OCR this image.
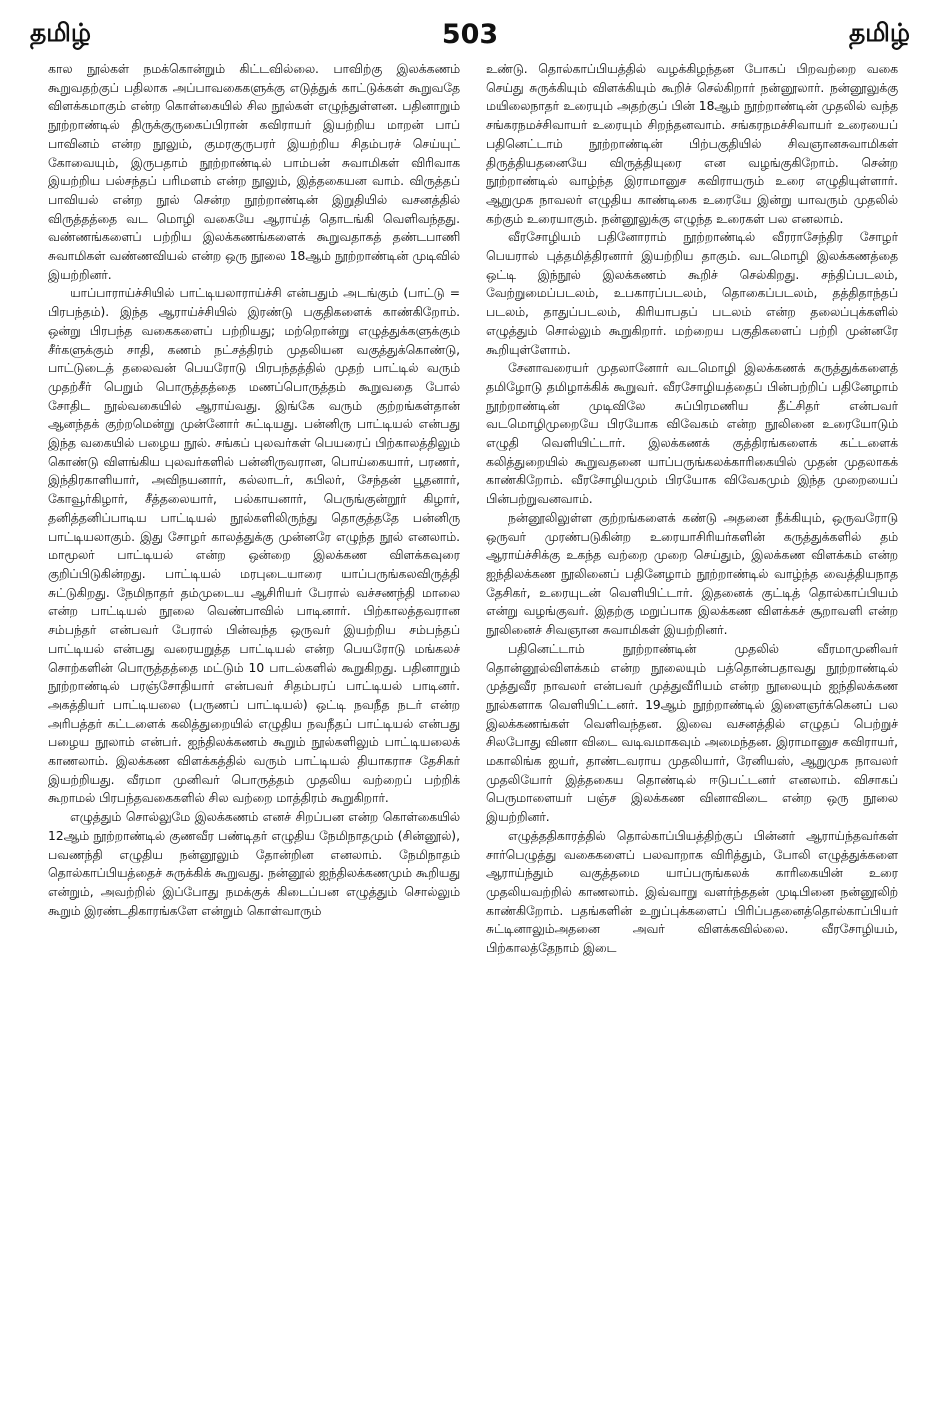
தமிழ்	503	தமிழ்

கால நூல்கள் நமக்கொன்றும் கிட்டவில்லை. பாவிற்கு இலக்கணம் கூறுவதற்குப் பதிலாக அப்பாவகைகளுக்கு எடுத்துக் காட்டுக்கள் கூறுவதே விளக்கமாகும் என்ற கொள்கையில் சில நூல்கள் எழுந்துள்ளன. பதினாறும் நூற்றாண்டில் திருக்குருகைப்பிரான் கவிராயர் இயற்றிய மாறன் பாப் பாவினம் என்ற நூலும், குமரகுருபரர் இயற்றிய சிதம்பரச் செய்யுட் கோவையும், இருபதாம் நூற்றாண்டில் பாம்பன் சுவாமிகள் விரிவாக இயற்றிய பல்சந்தப் பரிமளம் என்ற நூலும், இத்தகையன வாம். விருத்தப் பாவியல் என்ற நூல் சென்ற நூற்றாண்டின் இறுதியில் வசனத்தில் விருத்தத்தை வட மொழி வகையே ஆராய்த் தொடங்கி வெளிவந்தது. வண்ணங்களைப் பற்றிய இலக்கணங்களைக் கூறுவதாகத் தண்டபாணி சுவாமிகள் வண்ணவியல் என்ற ஒரு நூலை 18ஆம் நூற்றாண்டின் முடிவில் இயற்றினர்.

யாப்பாராய்ச்சியில் பாட்டியலாராய்ச்சி என்பதும் அடங்கும் (பாட்டு = பிரபந்தம்). இந்த ஆராய்ச்சியில் இரண்டு பகுதிகளைக் காண்கிறோம். ஒன்று பிரபந்த வகைகளைப் பற்றியது; மற்றொன்று எழுத்துக்களுக்கும் சீர்களுக்கும் சாதி, கணம் நட்சத்திரம் முதலியன வகுத்துக்கொண்டு, பாட்டுடைத் தலைவன் பெயரோடு பிரபந்தத்தில் முதற் பாட்டில் வரும் முதற்சீர் பெறும் பொருத்தத்தை மணப்பொருத்தம் கூறுவதை போல் சோதிட நூல்வகையில் ஆராய்வது. இங்கே வரும் குற்றங்கள்தான் ஆனந்தக் குற்றமென்று முன்னோர் சுட்டியது. பன்னிரு பாட்டியல் என்பது இந்த வகையில் பழைய நூல். சங்கப் புலவர்கள் பெயரைப் பிற்காலத்திலும் கொண்டு விளங்கிய புலவர்களில் பன்னிருவரான, பொய்கையார், பரணர், இந்திரகாளியார், அவிநயனார், கல்லாடர், கபிலர், சேந்தன் பூதனார், கோவூர்கிழார், சீத்தலையார், பல்காயனார், பெருங்குன்றூர் கிழார், தனித்தனிப்பாடிய பாட்டியல் நூல்களிலிருந்து தொகுத்ததே பன்னிரு பாட்டியலாகும். இது சோழர் காலத்துக்கு முன்னரே எழுந்த நூல் எனலாம். மாமூலர் பாட்டியல் என்ற ஒன்றை இலக்கண விளக்கவுரை குறிப்பிடுகின்றது. பாட்டியல் மரபுடையாரை யாப்பருங்கலவிருத்தி சுட்டுகிறது. நேமிநாதர் தம்முடைய ஆசிரியர் பேரால் வச்சணந்தி மாலை என்ற பாட்டியல் நூலை வெண்பாவில் பாடினார். பிற்காலத்தவரான சம்பந்தர் என்பவர் பேரால் பின்வந்த ஒருவர் இயற்றிய சம்பந்தப் பாட்டியல் என்பது வரையறுத்த பாட்டியல் என்ற பெயரோடு மங்கலச் சொற்களின் பொருத்தத்தை மட்டும் 10 பாடல்களில் கூறுகிறது. பதினாறும் நூற்றாண்டில் பரஞ்சோதியார் என்பவர் சிதம்பரப் பாட்டியல் பாடினர். அகத்தியர் பாட்டியலை (பருணப் பாட்டியல்) ஒட்டி நவநீத நடர் என்ற அரிபத்தர் கட்டளைக் கலித்துறையில் எழுதிய நவநீதப் பாட்டியல் என்பது பழைய நூலாம் என்பர். ஐந்திலக்கணம் கூறும் நூல்களிலும் பாட்டியலைக் காணலாம். இலக்கண விளக்கத்தில் வரும் பாட்டியல் தியாகராச தேசிகர் இயற்றியது. வீரமா முனிவர் பொருத்தம் முதலிய வற்றைப் பற்றிக் கூறாமல் பிரபந்தவகைகளில் சில வற்றை மாத்திரம் கூறுகிறார்.

எழுத்தும் சொல்லுமே இலக்கணம் எனச் சிறப்பன என்ற கொள்கையில் 12ஆம் நூற்றாண்டில் குணவீர பண்டிதர் எழுதிய நேமிநாதமும் (சின்னூல்), பவணந்தி எழுதிய நன்னூலும் தோன்றின எனலாம். நேமிநாதம் தொல்காப்பியத்தைச் சுருக்கிக் கூறுவது. நன்னூல் ஐந்திலக்கணமும் கூறியது என்றும், அவற்றில் இப்போது நமக்குக் கிடைப்பன எழுத்தும் சொல்லும் கூறும் இரண்டதிகாரங்களே என்றும் கொள்வாரும்

உண்டு. தொல்காப்பியத்தில் வழக்கிழந்தன போகப் பிறவற்றை வகை செய்து சுருக்கியும் விளக்கியும் கூறிச் செல்கிறார் நன்னூலார். நன்னூலுக்கு மயிலைநாதர் உரையும் அதற்குப் பின் 18ஆம் நூற்றாண்டின் முதலில் வந்த சங்கரநமச்சிவாயர் உரையும் சிறந்தனவாம். சங்கரநமச்சிவாயர் உரையைப் பதினெட்டாம் நூற்றாண்டின் பிற்பகுதியில் சிவஞானசுவாமிகள் திருத்தியதனையே விருத்தியுரை என வழங்குகிறோம். சென்ற நூற்றாண்டில் வாழ்ந்த இராமானுச கவிராயரும் உரை எழுதியுள்ளார். ஆறுமுக நாவலர் எழுதிய காண்டிகை உரையே இன்று யாவரும் முதலில் கற்கும் உரையாகும். நன்னூலுக்கு எழுந்த உரைகள் பல எனலாம்.

வீரசோழியம் பதினோராம் நூற்றாண்டில் வீரராசேந்திர சோழர் பெயரால் புத்தமித்திரனார் இயற்றிய தாகும். வடமொழி இலக்கணத்தை ஒட்டி இந்நூல் இலக்கணம் கூறிச் செல்கிறது. சந்திப்படலம், வேற்றுமைப்படலம், உபகாரப்படலம், தொகைப்படலம், தத்திதாந்தப் படலம், தாதுப்படலம், கிரியாபதப் படலம் என்ற தலைப்புக்களில் எழுத்தும் சொல்லும் கூறுகிறார். மற்றைய பகுதிகளைப் பற்றி முன்னரே கூறியுள்ளோம்.

சேனாவரையர் முதலானோர் வடமொழி இலக்கணக் கருத்துக்களைத் தமிழோடு தமிழாக்கிக் கூறுவர். வீரசோழியத்தைப் பின்பற்றிப் பதினேழாம் நூற்றாண்டின் முடிவிலே சுப்பிரமணிய தீட்சிதர் என்பவர் வடமொழிமுறையே பிரயோக விவேகம் என்ற நூலினை உரையோடும் எழுதி வெளியிட்டார். இலக்கணக் குத்திரங்களைக் கட்டளைக் கலித்துறையில் கூறுவதனை யாப்பருங்கலக்காரிகையில் முதன் முதலாகக் காண்கிறோம். வீரசோழியமும் பிரயோக விவேகமும் இந்த முறையைப் பின்பற்றுவனவாம்.

நன்னூலிலுள்ள குற்றங்களைக் கண்டு அதனை நீக்கியும், ஒருவரோடு ஒருவர் முரண்படுகின்ற உரையாசிரியர்களின் கருத்துக்களில் தம் ஆராய்ச்சிக்கு உகந்த வற்றை முறை செய்தும், இலக்கண விளக்கம் என்ற ஐந்திலக்கண நூலினைப் பதினேழாம் நூற்றாண்டில் வாழ்ந்த வைத்தியநாத தேசிகர், உரையுடன் வெளியிட்டார். இதனைக் குட்டித் தொல்காப்பியம் என்று வழங்குவர். இதற்கு மறுப்பாக இலக்கண விளக்கச் சூறாவளி என்ற நூலினைச் சிவஞான சுவாமிகள் இயற்றினர்.

பதினெட்டாம் நூற்றாண்டின் முதலில் வீரமாமுனிவர் தொன்னூல்விளக்கம் என்ற நூலையும் பத்தொன்பதாவது நூற்றாண்டில் முத்துவீர நாவலர் என்பவர் முத்துவீரியம் என்ற நூலையும் ஐந்திலக்கண நூல்களாக வெளியிட்டனர். 19ஆம் நூற்றாண்டில் இளைஞர்க்கெனப் பல இலக்கணங்கள் வெளிவந்தன. இவை வசனத்தில் எழுதப் பெற்றுச் சிலபோது வினா விடை வடிவமாகவும் அமைந்தன. இராமானுச கவிராயர், மகாலிங்க ஐயர், தாண்டவராய முதலியார், ரேனியஸ், ஆறுமுக நாவலர் முதலியோர் இத்தகைய தொண்டில் ஈடுபட்டனர் எனலாம். விசாகப் பெருமாளையர் பஞ்ச இலக்கண வினாவிடை என்ற ஒரு நூலை இயற்றினர்.

எழுத்ததிகாரத்தில் தொல்காப்பியத்திற்குப் பின்னர் ஆராய்ந்தவர்கள் சார்பெழுத்து வகைகளைப் பலவாறாக விரித்தும், போலி எழுத்துக்களை ஆராய்ந்தும் வகுத்தமை யாப்பருங்கலக் காரிகையின் உரை முதலியவற்றில் காணலாம். இவ்வாறு வளர்ந்ததன் முடிபினை நன்னூலிற் காண்கிறோம். பதங்களின் உறுப்புக்களைப் பிரிப்பதனைத்தொல்காப்பியர் சுட்டினாலும்அதனை அவர் விளக்கவில்லை. வீரசோழியம், பிற்காலத்தேநாம் இடை
